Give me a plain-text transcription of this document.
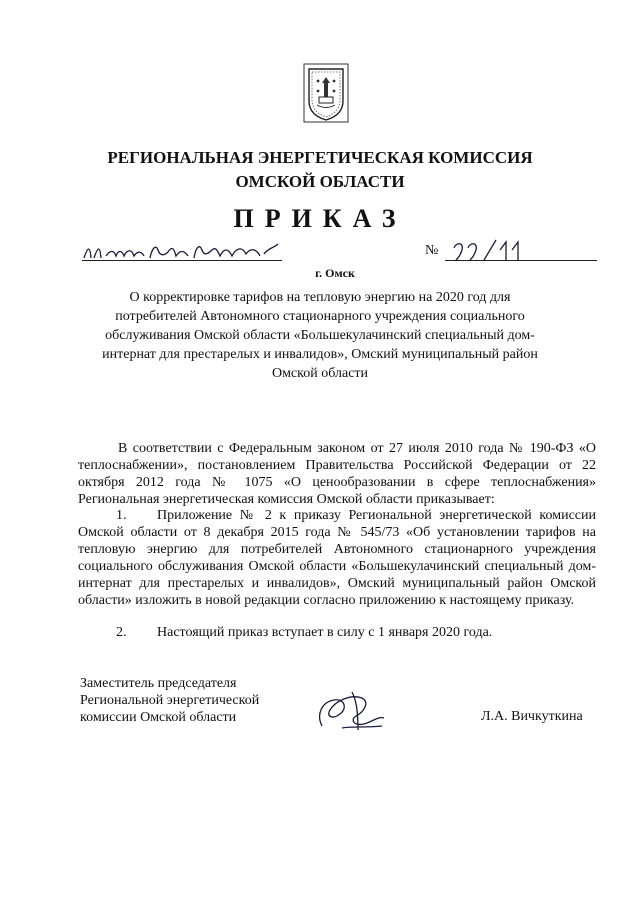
РЕГИОНАЛЬНАЯ ЭНЕРГЕТИЧЕСКАЯ КОМИССИЯ
ОМСКОЙ ОБЛАСТИ
ПРИКАЗ
№
г. Омск
О корректировке тарифов на тепловую энергию на 2020 год для потребителей Автономного стационарного учреждения социального обслуживания Омской области «Большекулачинский специальный дом-интернат для престарелых и инвалидов», Омский муниципальный район Омской области
В соответствии с Федеральным законом от 27 июля 2010 года № 190-ФЗ «О теплоснабжении», постановлением Правительства Российской Федерации от 22 октября 2012 года № 1075 «О ценообразовании в сфере теплоснабжения» Региональная энергетическая комиссия Омской области приказывает:
1. Приложение № 2 к приказу Региональной энергетической комиссии Омской области от 8 декабря 2015 года № 545/73 «Об установлении тарифов на тепловую энергию для потребителей Автономного стационарного учреждения социального обслуживания Омской области «Большекулачинский специальный дом-интернат для престарелых и инвалидов», Омский муниципальный район Омской области» изложить в новой редакции согласно приложению к настоящему приказу.
2. Настоящий приказ вступает в силу с 1 января 2020 года.
Заместитель председателя
Региональной энергетической
комиссии Омской области	Л.А. Вичкуткина
